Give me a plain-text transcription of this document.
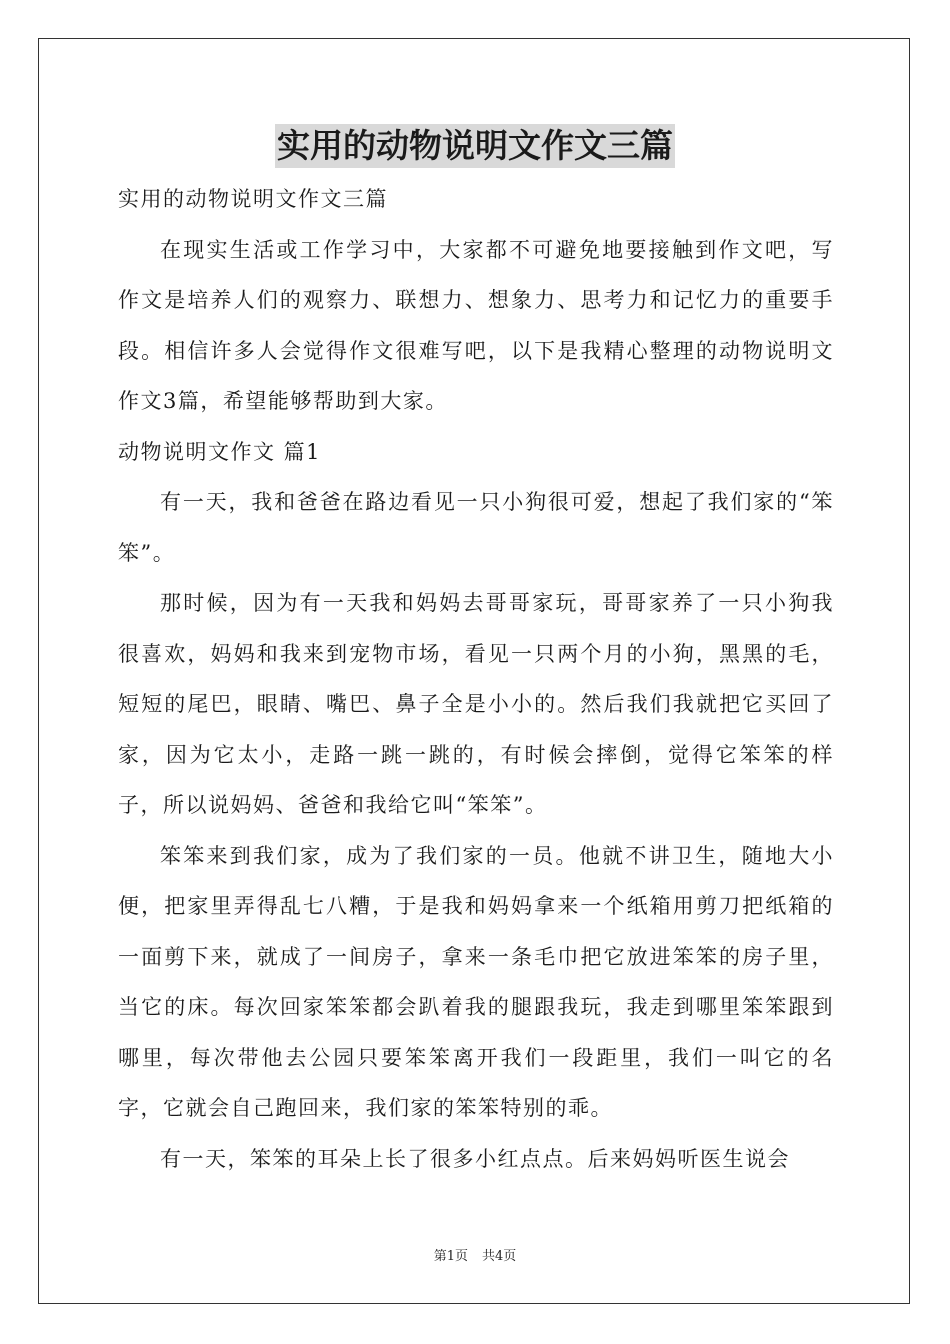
实用的动物说明文作文三篇

实用的动物说明文作文三篇

在现实生活或工作学习中，大家都不可避免地要接触到作文吧，写作文是培养人们的观察力、联想力、想象力、思考力和记忆力的重要手段。相信许多人会觉得作文很难写吧，以下是我精心整理的动物说明文作文3篇，希望能够帮助到大家。

动物说明文作文 篇1

有一天，我和爸爸在路边看见一只小狗很可爱，想起了我们家的“笨笨”。

那时候，因为有一天我和妈妈去哥哥家玩，哥哥家养了一只小狗我很喜欢，妈妈和我来到宠物市场，看见一只两个月的小狗，黑黑的毛，短短的尾巴，眼睛、嘴巴、鼻子全是小小的。然后我们我就把它买回了家，因为它太小，走路一跳一跳的，有时候会摔倒，觉得它笨笨的样子，所以说妈妈、爸爸和我给它叫“笨笨”。

笨笨来到我们家，成为了我们家的一员。他就不讲卫生，随地大小便，把家里弄得乱七八糟，于是我和妈妈拿来一个纸箱用剪刀把纸箱的一面剪下来，就成了一间房子，拿来一条毛巾把它放进笨笨的房子里，当它的床。每次回家笨笨都会趴着我的腿跟我玩，我走到哪里笨笨跟到哪里，每次带他去公园只要笨笨离开我们一段距里，我们一叫它的名字，它就会自己跑回来，我们家的笨笨特别的乖。

有一天，笨笨的耳朵上长了很多小红点点。后来妈妈听医生说会

第1页 共4页
